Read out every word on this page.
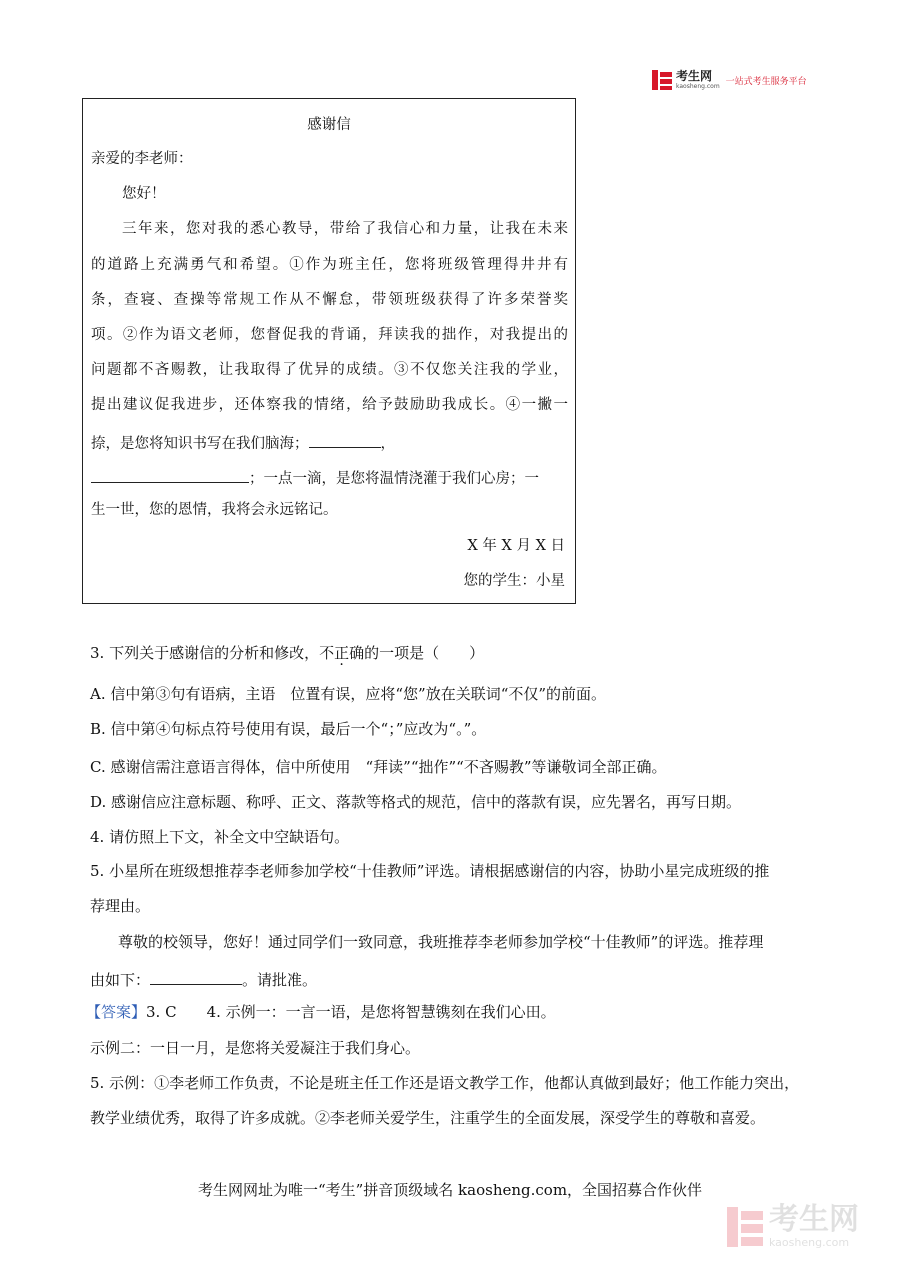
考生网
kaosheng.com 一站式考生服务平台
感谢信
亲爱的李老师：
您好！
三年来，您对我的悉心教导，带给了我信心和力量，让我在未来
的道路上充满勇气和希望。①作为班主任，您将班级管理得井井有
条，查寝、查操等常规工作从不懈怠，带领班级获得了许多荣誉奖
项。②作为语文老师，您督促我的背诵，拜读我的拙作，对我提出的
问题都不吝赐教，让我取得了优异的成绩。③不仅您关注我的学业，
提出建议促我进步，还体察我的情绪，给予鼓励助我成长。④一撇一
捺，是您将知识书写在我们脑海；	，
；一点一滴，是您将温情浇灌于我们心房；一
生一世，您的恩情，我将会永远铭记。
X 年 X 月 X 日
您的学生：小星
3. 下列关于感谢信的分析和修改，不正确的一项是（　　）
A. 信中第③句有语病，主语　位置有误，应将“您”放在关联词“不仅”的前面。
B. 信中第④句标点符号使用有误，最后一个“；”应改为“。”。
C. 感谢信需注意语言得体，信中所使用　“拜读”“拙作”“不吝赐教”等谦敬词全部正确。
D. 感谢信应注意标题、称呼、正文、落款等格式的规范，信中的落款有误，应先署名，再写日期。
4. 请仿照上下文，补全文中空缺语句。
5. 小星所在班级想推荐李老师参加学校“十佳教师”评选。请根据感谢信的内容，协助小星完成班级的推
荐理由。
尊敬的校领导，您好！通过同学们一致同意，我班推荐李老师参加学校“十佳教师”的评选。推荐理
由如下：	。请批准。
【答案】3. C 4. 示例一：一言一语，是您将智慧镌刻在我们心田。
示例二：一日一月，是您将关爱凝注于我们身心。
5. 示例：①李老师工作负责，不论是班主任工作还是语文教学工作，他都认真做到最好；他工作能力突出，
教学业绩优秀，取得了许多成就。②李老师关爱学生，注重学生的全面发展，深受学生的尊敬和喜爱。
考生网网址为唯一“考生”拼音顶级域名 kaosheng.com，全国招募合作伙伴
考生网
kaosheng.com
